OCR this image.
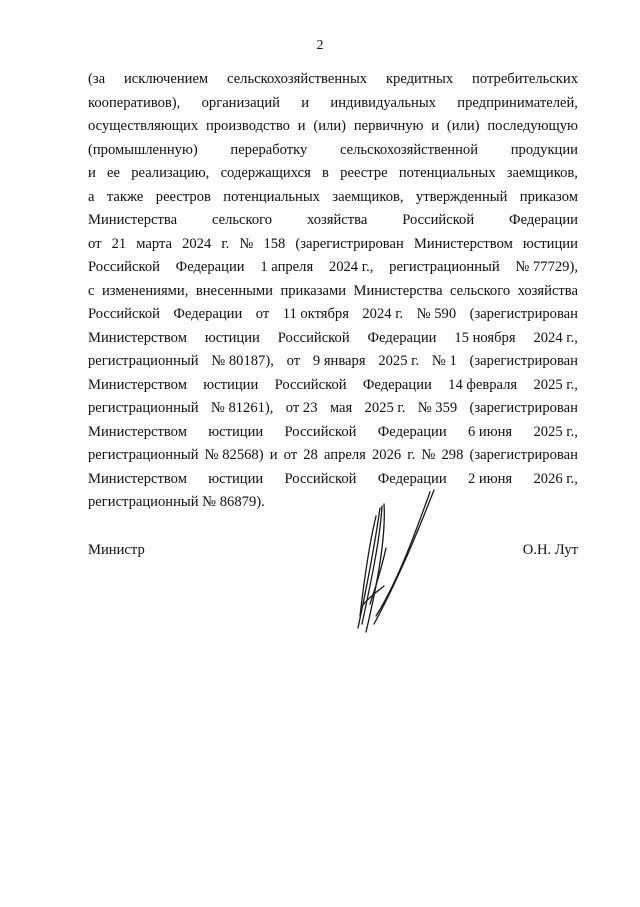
2
(за исключением сельскохозяйственных кредитных потребительских
кооперативов), организаций и индивидуальных предпринимателей,
осуществляющих производство и (или) первичную и (или) последующую
(промышленную) переработку сельскохозяйственной продукции
и ее реализацию, содержащихся в реестре потенциальных заемщиков,
а также реестров потенциальных заемщиков, утвержденный приказом
Министерства сельского хозяйства Российской Федерации
от 21 марта 2024 г. № 158 (зарегистрирован Министерством юстиции
Российской Федерации 1 апреля 2024 г., регистрационный № 77729),
с изменениями, внесенными приказами Министерства сельского хозяйства
Российской Федерации от 11 октября 2024 г. № 590 (зарегистрирован
Министерством юстиции Российской Федерации 15 ноября 2024 г.,
регистрационный № 80187), от 9 января 2025 г. № 1 (зарегистрирован
Министерством юстиции Российской Федерации 14 февраля 2025 г.,
регистрационный № 81261), от 23 мая 2025 г. № 359 (зарегистрирован
Министерством юстиции Российской Федерации 6 июня 2025 г.,
регистрационный № 82568) и от 28 апреля 2026 г. № 298 (зарегистрирован
Министерством юстиции Российской Федерации 2 июня 2026 г.,
регистрационный № 86879).
Министр	О.Н. Лут
